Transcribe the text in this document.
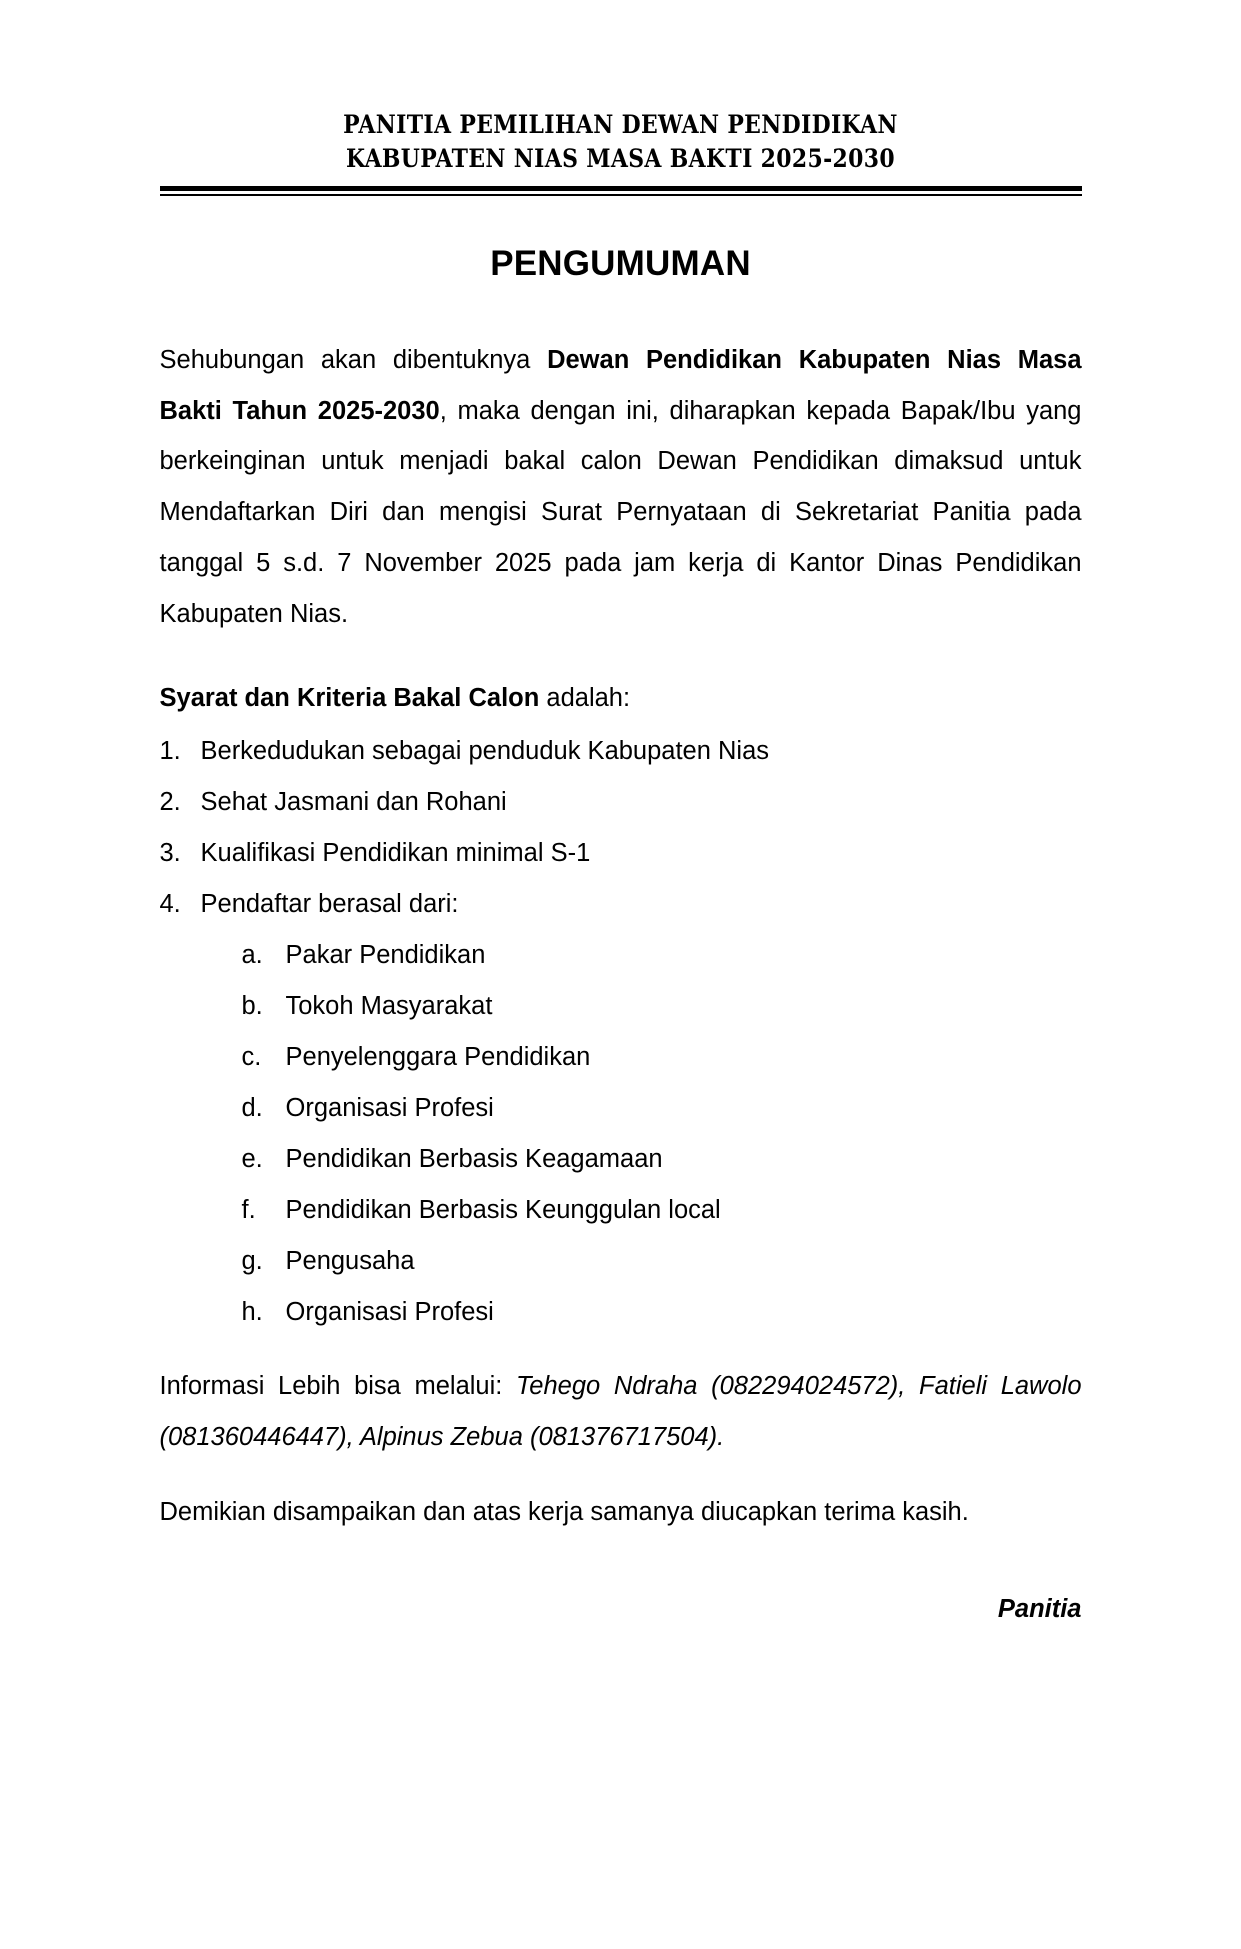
PANITIA PEMILIHAN DEWAN PENDIDIKAN
KABUPATEN NIAS MASA BAKTI 2025-2030
PENGUMUMAN

Sehubungan akan dibentuknya Dewan Pendidikan Kabupaten Nias Masa Bakti Tahun 2025-2030, maka dengan ini, diharapkan kepada Bapak/Ibu yang berkeinginan untuk menjadi bakal calon Dewan Pendidikan dimaksud untuk Mendaftarkan Diri dan mengisi Surat Pernyataan di Sekretariat Panitia pada tanggal 5 s.d. 7 November 2025 pada jam kerja di Kantor Dinas Pendidikan Kabupaten Nias.

Syarat dan Kriteria Bakal Calon adalah:

1. Berkedudukan sebagai penduduk Kabupaten Nias
2. Sehat Jasmani dan Rohani
3. Kualifikasi Pendidikan minimal S-1
4. Pendaftar berasal dari:
a. Pakar Pendidikan
b. Tokoh Masyarakat
c. Penyelenggara Pendidikan
d. Organisasi Profesi
e. Pendidikan Berbasis Keagamaan
f.	Pendidikan Berbasis Keunggulan local
g. Pengusaha
h. Organisasi Profesi

Informasi Lebih bisa melalui: Tehego Ndraha (082294024572), Fatieli Lawolo (081360446447), Alpinus Zebua (081376717504).

Demikian disampaikan dan atas kerja samanya diucapkan terima kasih.

Panitia
